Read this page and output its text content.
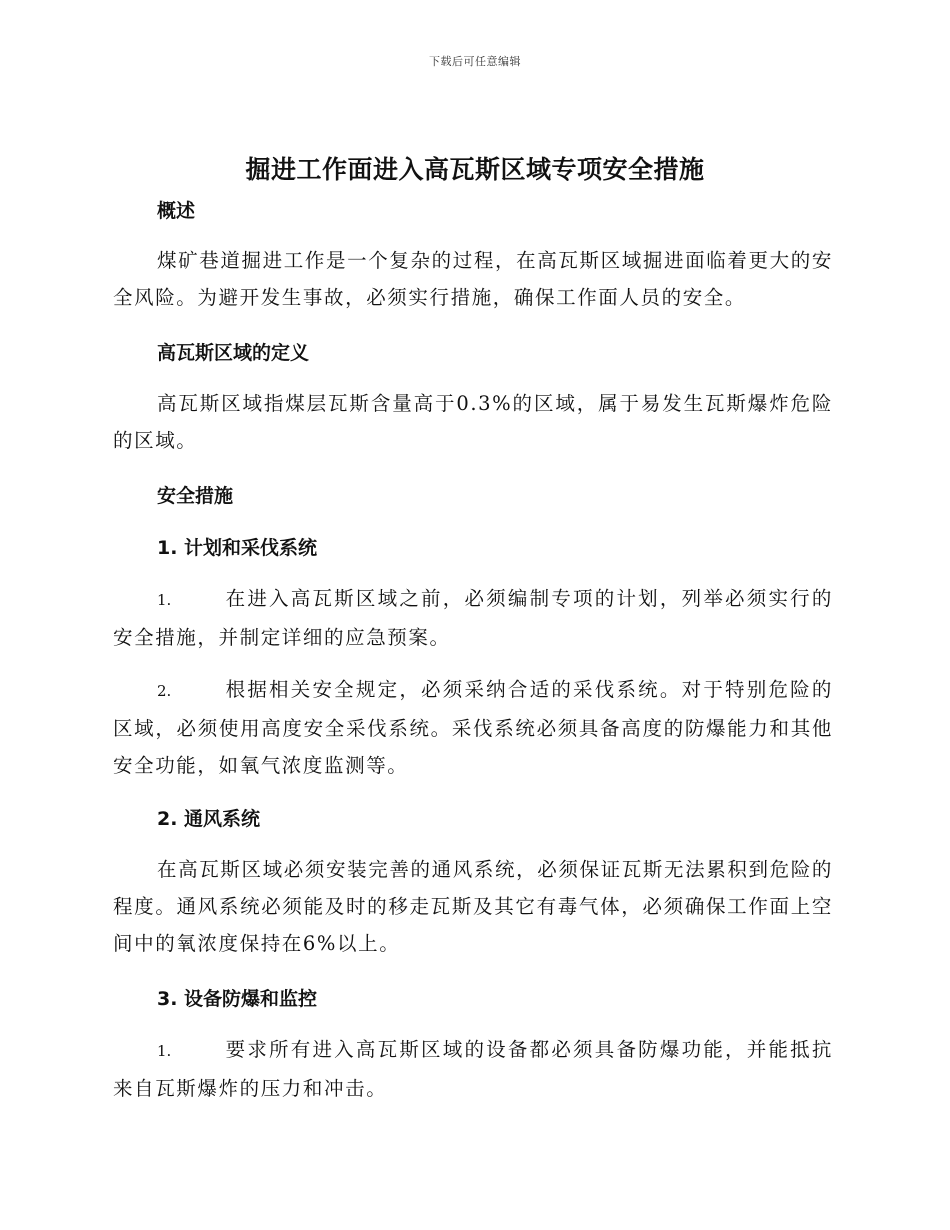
下载后可任意编辑
掘进工作面进入高瓦斯区域专项安全措施
概述

煤矿巷道掘进工作是一个复杂的过程，在高瓦斯区域掘进面临着更大的安全风险。为避开发生事故，必须实行措施，确保工作面人员的安全。

高瓦斯区域的定义

高瓦斯区域指煤层瓦斯含量高于0.3%的区域，属于易发生瓦斯爆炸危险的区域。

安全措施
1. 计划和采伐系统

1.	在进入高瓦斯区域之前，必须编制专项的计划，列举必须实行的安全措施，并制定详细的应急预案。

2.	根据相关安全规定，必须采纳合适的采伐系统。对于特别危险的区域，必须使用高度安全采伐系统。采伐系统必须具备高度的防爆能力和其他安全功能，如氧气浓度监测等。

2. 通风系统

在高瓦斯区域必须安装完善的通风系统，必须保证瓦斯无法累积到危险的程度。通风系统必须能及时的移走瓦斯及其它有毒气体，必须确保工作面上空间中的氧浓度保持在6%以上。

3. 设备防爆和监控

1.	要求所有进入高瓦斯区域的设备都必须具备防爆功能，并能抵抗来自瓦斯爆炸的压力和冲击。
